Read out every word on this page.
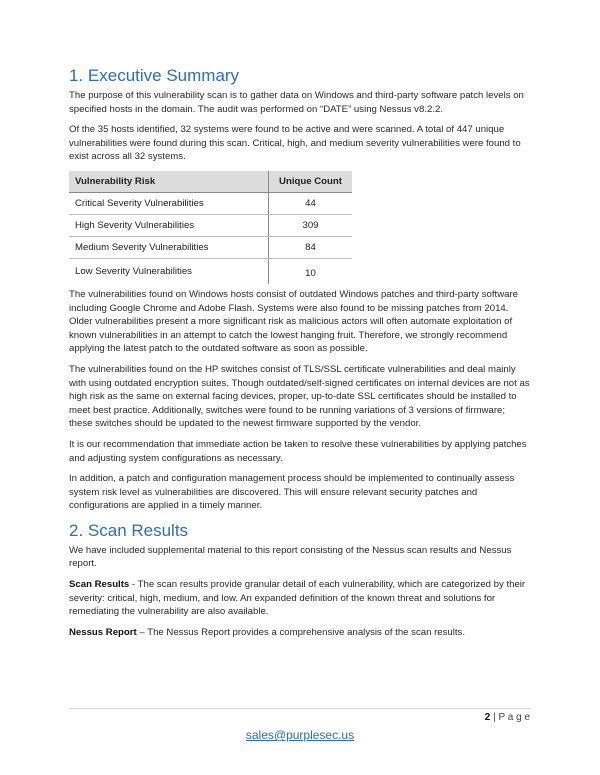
1. Executive Summary

The purpose of this vulnerability scan is to gather data on Windows and third-party software patch levels on specified hosts in the domain. The audit was performed on “DATE” using Nessus v8.2.2.

Of the 35 hosts identified, 32 systems were found to be active and were scanned. A total of 447 unique vulnerabilities were found during this scan. Critical, high, and medium severity vulnerabilities were found to exist across all 32 systems.

Vulnerability Risk	Unique Count
Critical Severity Vulnerabilities	44
High Severity Vulnerabilities	309
Medium Severity Vulnerabilities	84
Low Severity Vulnerabilities	10

The vulnerabilities found on Windows hosts consist of outdated Windows patches and third-party software including Google Chrome and Adobe Flash. Systems were also found to be missing patches from 2014. Older vulnerabilities present a more significant risk as malicious actors will often automate exploitation of known vulnerabilities in an attempt to catch the lowest hanging fruit. Therefore, we strongly recommend applying the latest patch to the outdated software as soon as possible.

The vulnerabilities found on the HP switches consist of TLS/SSL certificate vulnerabilities and deal mainly with using outdated encryption suites. Though outdated/self-signed certificates on internal devices are not as high risk as the same on external facing devices, proper, up-to-date SSL certificates should be installed to meet best practice. Additionally, switches were found to be running variations of 3 versions of firmware; these switches should be updated to the newest firmware supported by the vendor.

It is our recommendation that immediate action be taken to resolve these vulnerabilities by applying patches and adjusting system configurations as necessary.

In addition, a patch and configuration management process should be implemented to continually assess system risk level as vulnerabilities are discovered. This will ensure relevant security patches and configurations are applied in a timely manner.

2. Scan Results

We have included supplemental material to this report consisting of the Nessus scan results and Nessus report.

Scan Results - The scan results provide granular detail of each vulnerability, which are categorized by their severity: critical, high, medium, and low. An expanded definition of the known threat and solutions for remediating the vulnerability are also available.

Nessus Report – The Nessus Report provides a comprehensive analysis of the scan results.

2 | P a g e
sales@purplesec.us
